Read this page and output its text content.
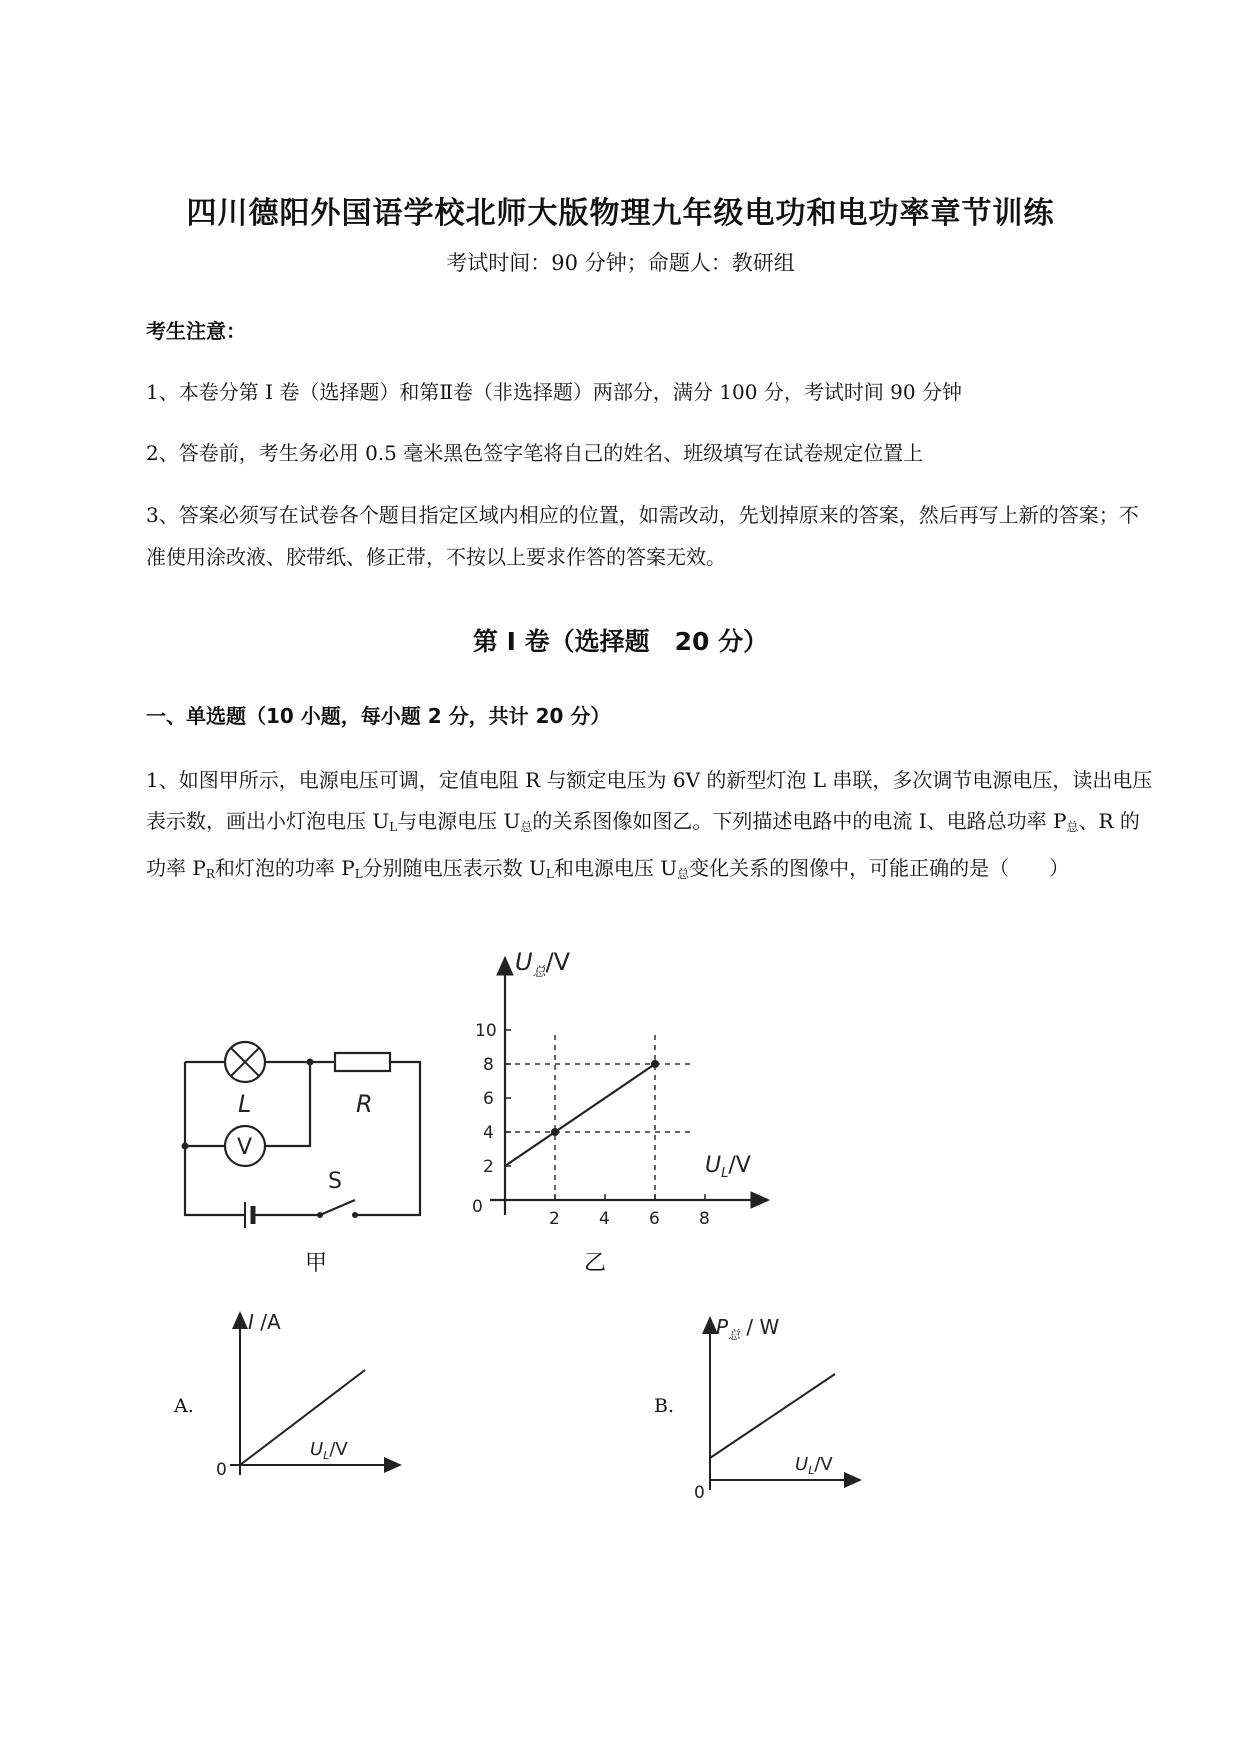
四川德阳外国语学校北师大版物理九年级电功和电功率章节训练
考试时间：90 分钟；命题人：教研组
考生注意：
1、本卷分第 I 卷（选择题）和第Ⅱ卷（非选择题）两部分，满分 100 分，考试时间 90 分钟
2、答卷前，考生务必用 0.5 毫米黑色签字笔将自己的姓名、班级填写在试卷规定位置上
3、答案必须写在试卷各个题目指定区域内相应的位置，如需改动，先划掉原来的答案，然后再写上新的答案；不准使用涂改液、胶带纸、修正带，不按以上要求作答的答案无效。
第 I 卷（选择题　20 分）
一、单选题（10 小题，每小题 2 分，共计 20 分）
1、如图甲所示，电源电压可调，定值电阻 R 与额定电压为 6V 的新型灯泡 L 串联，多次调节电源电压，读出电压表示数，画出小灯泡电压 $U_L$与电源电压 $U_总$的关系图像如图乙。下列描述电路中的电流 I、电路总功率 $P_总$、R 的功率 $P_R$和灯泡的功率 $P_L$分别随电压表示数 $U_L$和电源电压 $U_总$变化关系的图像中，可能正确的是（　　）
L	R
V
S
甲
2 4 6 8
2
4
6
8
10
$U_总/V$
$U_L/V$
0
乙
A.
I /A
$U_L/V$
0
B.
$P_总$ / W
$U_L/V$
0
